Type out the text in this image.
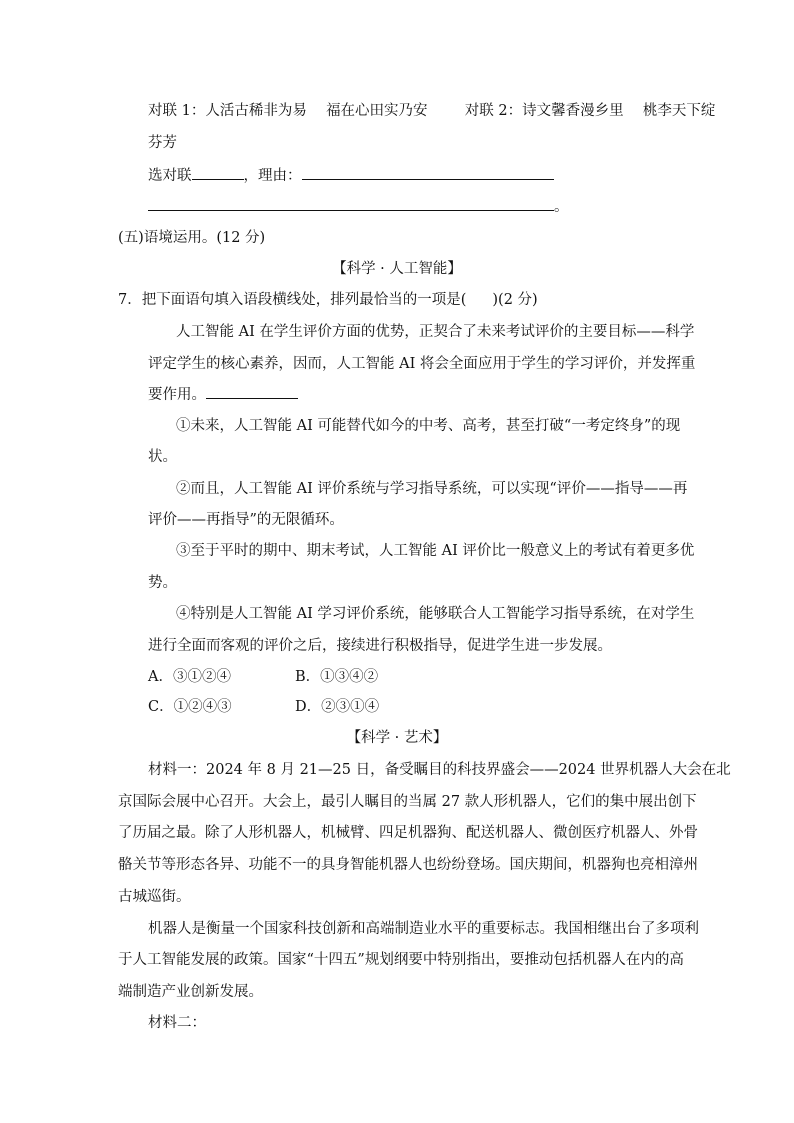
对联 1：人活古稀非为易 福在心田实乃安	对联 2：诗文馨香漫乡里 桃李天下绽
芬芳
选对联	，理由：
。
(五)语境运用。(12 分)
【科学 · 人工智能】
7．把下面语句填入语段横线处，排列最恰当的一项是( )(2 分)
人工智能 AI 在学生评价方面的优势，正契合了未来考试评价的主要目标——科学
评定学生的核心素养，因而，人工智能 AI 将会全面应用于学生的学习评价，并发挥重
要作用。
①未来，人工智能 AI 可能替代如今的中考、高考，甚至打破“一考定终身”的现
状。
②而且，人工智能 AI 评价系统与学习指导系统，可以实现“评价——指导——再
评价——再指导”的无限循环。
③至于平时的期中、期末考试，人工智能 AI 评价比一般意义上的考试有着更多优
势。
④特别是人工智能 AI 学习评价系统，能够联合人工智能学习指导系统，在对学生
进行全面而客观的评价之后，接续进行积极指导，促进学生进一步发展。
A．③①②④	B．①③④②
C．①②④③	D．②③①④
【科学 · 艺术】
材料一：2024 年 8 月 21—25 日，备受瞩目的科技界盛会——2024 世界机器人大会在北
京国际会展中心召开。大会上，最引人瞩目的当属 27 款人形机器人，它们的集中展出创下
了历届之最。除了人形机器人，机械臂、四足机器狗、配送机器人、微创医疗机器人、外骨
骼关节等形态各异、功能不一的具身智能机器人也纷纷登场。国庆期间，机器狗也亮相漳州
古城巡街。
机器人是衡量一个国家科技创新和高端制造业水平的重要标志。我国相继出台了多项利
于人工智能发展的政策。国家“十四五”规划纲要中特别指出，要推动包括机器人在内的高
端制造产业创新发展。
材料二：
